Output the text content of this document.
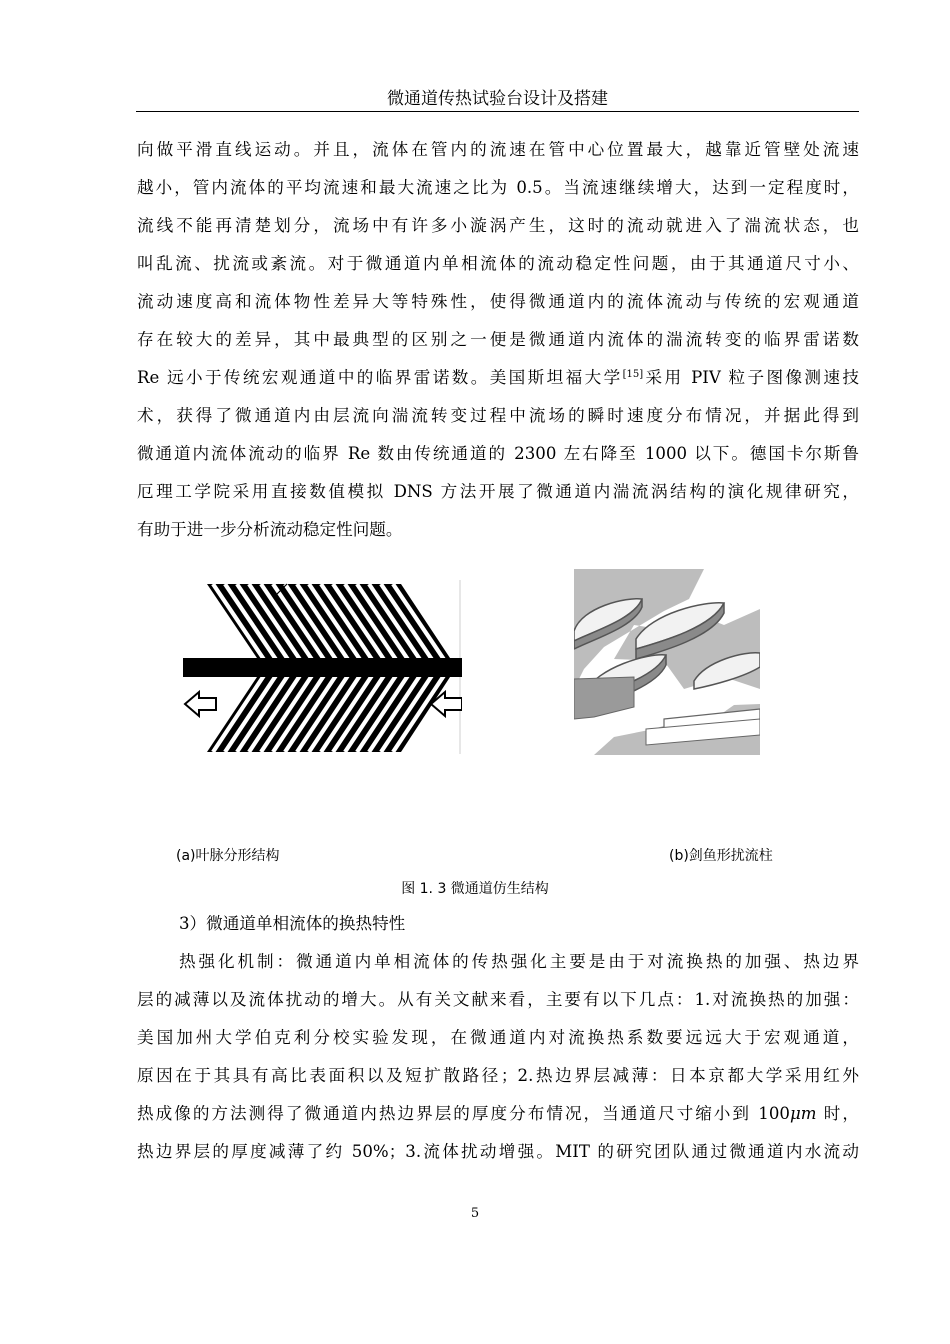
微通道传热试验台设计及搭建
向做平滑直线运动。并且，流体在管内的流速在管中心位置最大，越靠近管壁处流速
越小，管内流体的平均流速和最大流速之比为 0.5。当流速继续增大，达到一定程度时，
流线不能再清楚划分，流场中有许多小漩涡产生，这时的流动就进入了湍流状态，也
叫乱流、扰流或紊流。对于微通道内单相流体的流动稳定性问题，由于其通道尺寸小、
流动速度高和流体物性差异大等特殊性，使得微通道内的流体流动与传统的宏观通道
存在较大的差异，其中最典型的区别之一便是微通道内流体的湍流转变的临界雷诺数
Re 远小于传统宏观通道中的临界雷诺数。美国斯坦福大学[15]采用 PIV 粒子图像测速技
术，获得了微通道内由层流向湍流转变过程中流场的瞬时速度分布情况，并据此得到
微通道内流体流动的临界 Re 数由传统通道的 2300 左右降至 1000 以下。德国卡尔斯鲁
厄理工学院采用直接数值模拟 DNS 方法开展了微通道内湍流涡结构的演化规律研究，
有助于进一步分析流动稳定性问题。
(a)叶脉分形结构	(b)剑鱼形扰流柱
图 1. 3 微通道仿生结构
3）微通道单相流体的换热特性
热强化机制：微通道内单相流体的传热强化主要是由于对流换热的加强、热边界
层的减薄以及流体扰动的增大。从有关文献来看，主要有以下几点：1.对流换热的加强：
美国加州大学伯克利分校实验发现，在微通道内对流换热系数要远远大于宏观通道，
原因在于其具有高比表面积以及短扩散路径；2.热边界层减薄：日本京都大学采用红外
热成像的方法测得了微通道内热边界层的厚度分布情况，当通道尺寸缩小到 100μm 时，
热边界层的厚度减薄了约 50%；3.流体扰动增强。MIT 的研究团队通过微通道内水流动
5
